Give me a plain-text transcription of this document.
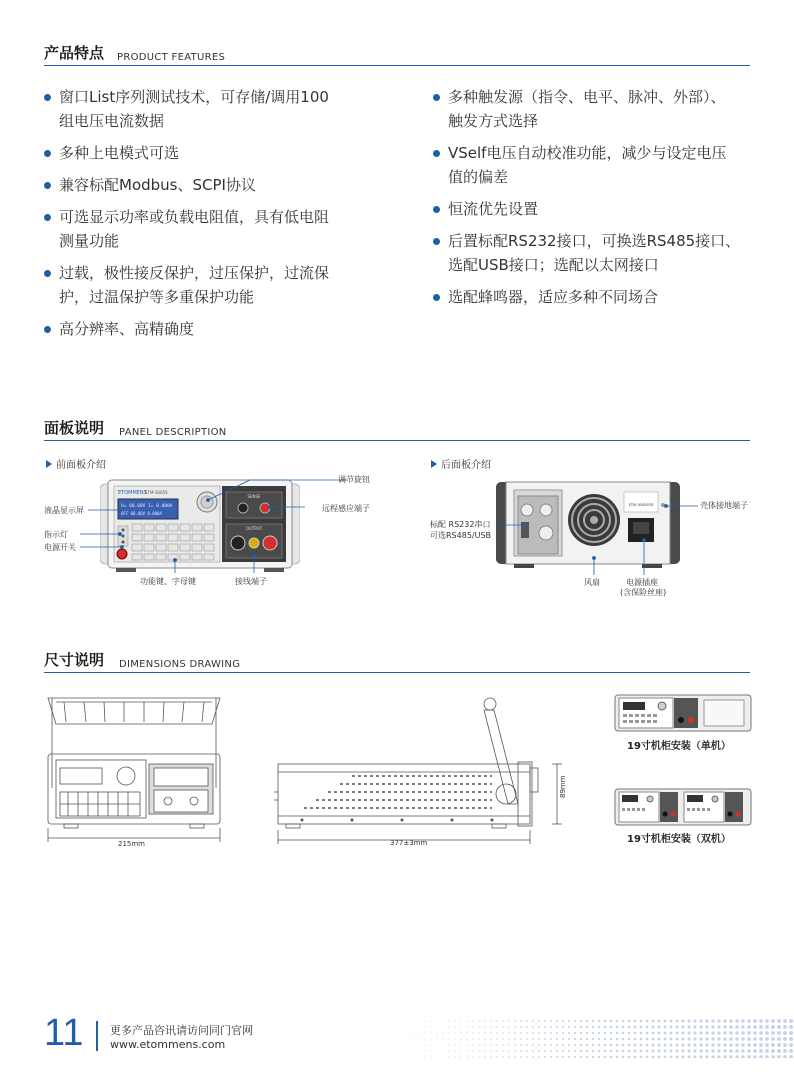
产品特点 PRODUCT FEATURES
窗口List序列测试技术，可存储/调用100
组电压电流数据
多种上电模式可选
兼容标配Modbus、SCPI协议
可选显示功率或负载电阻值，具有低电阻
测量功能
过载，极性接反保护，过压保护，过流保
护，过温保护等多重保护功能
高分辨率、高精确度
多种触发源（指令、电平、脉冲、外部）、
触发方式选择
VSelf电压自动校准功能，减少与设定电压
值的偏差
恒流优先设置
后置标配RS232接口，可换选RS485接口、
选配USB接口；选配以太网接口
选配蜂鸣器，适应多种不同场合
面板说明 PANEL DESCRIPTION
前面板介绍	后面板介绍
ETOMMENS
ETM-3005S
U= 00.00V I= 0.000A
OFF 00.00V 0.000A
SENSE
OUTPUT
调节旋钮
液晶显示屏	远程感应端子
指示灯
电源开关
功能键、字母键	接线端子
ETM-3005SPD	壳体接地端子
标配 RS232串口
可选RS485/USB
风扇	电源插座
(含保险丝座)
尺寸说明 DIMENSIONS DRAWING
215mm	377±3mm
89mm
19寸机柜安装（单机）
19寸机柜安装（双机）
11 更多产品咨讯请访问同门官网
www.etommens.com
